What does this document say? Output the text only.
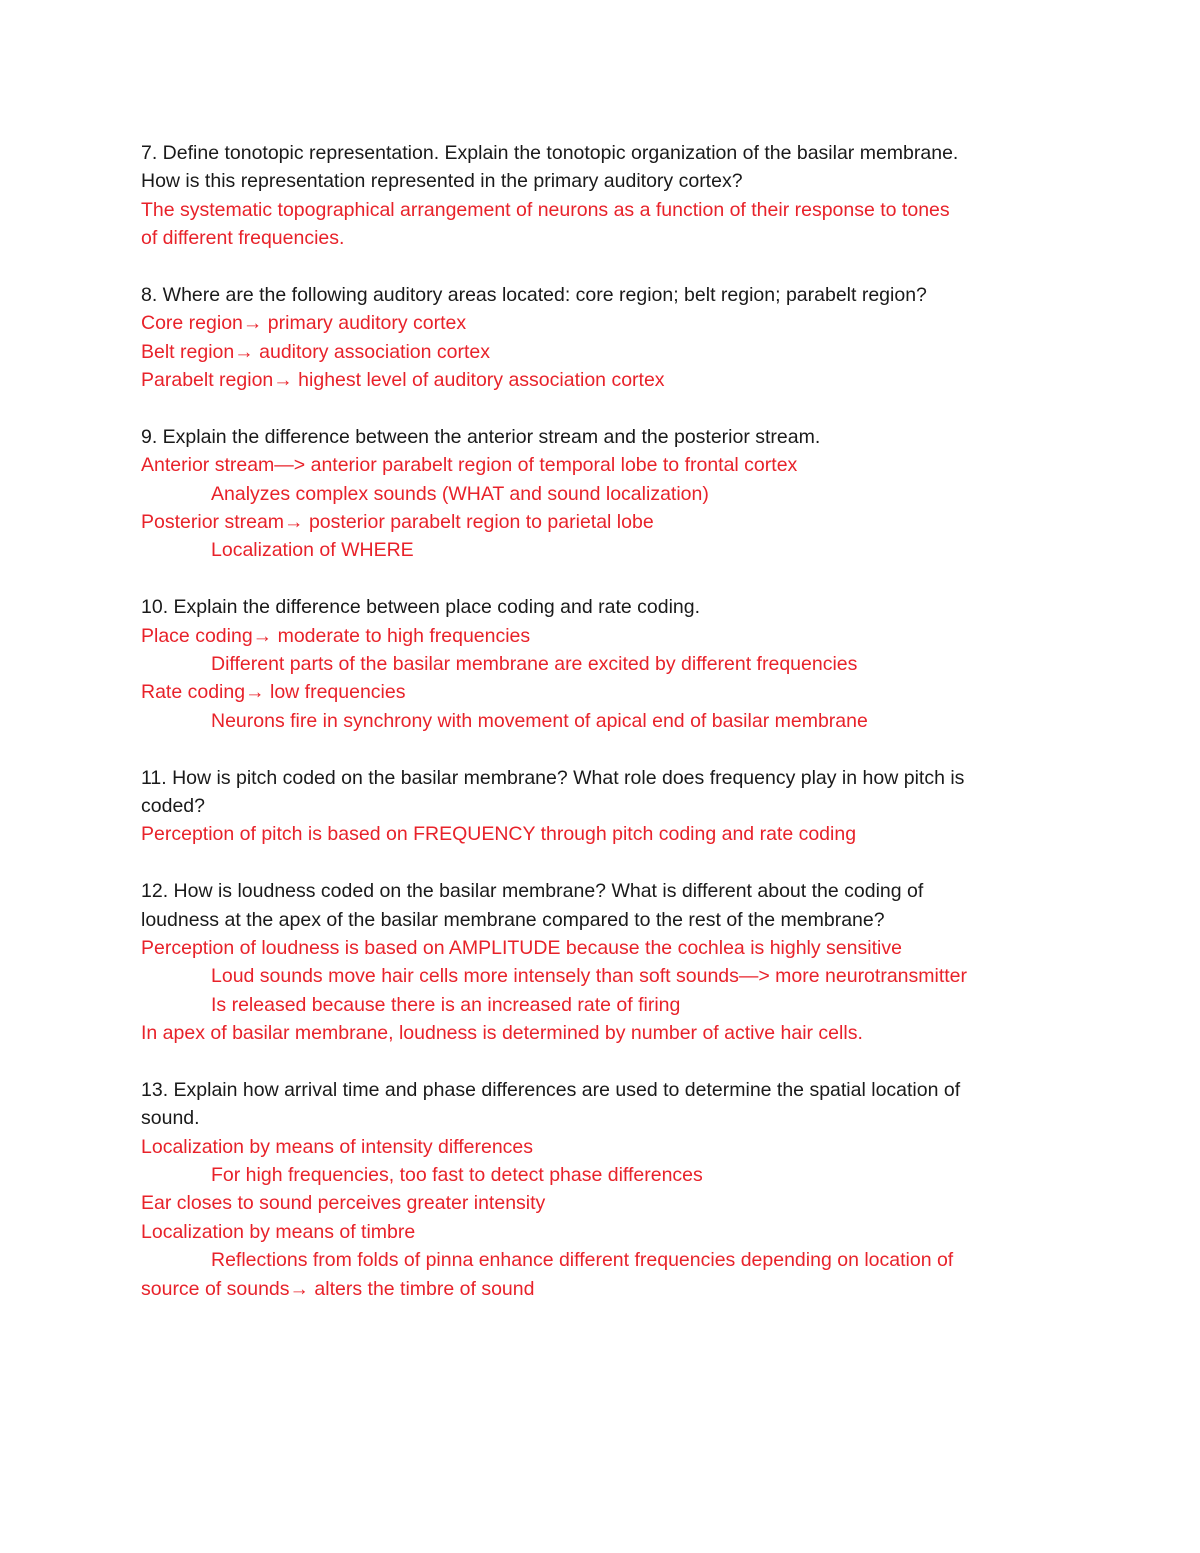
7. Define tonotopic representation. Explain the tonotopic organization of the basilar membrane.
How is this representation represented in the primary auditory cortex?
The systematic topographical arrangement of neurons as a function of their response to tones
of different frequencies.
8. Where are the following auditory areas located: core region; belt region; parabelt region?
Core region→ primary auditory cortex
Belt region→ auditory association cortex
Parabelt region→ highest level of auditory association cortex
9. Explain the difference between the anterior stream and the posterior stream.
Anterior stream—> anterior parabelt region of temporal lobe to frontal cortex
Analyzes complex sounds (WHAT and sound localization)
Posterior stream→ posterior parabelt region to parietal lobe
Localization of WHERE
10. Explain the difference between place coding and rate coding.
Place coding→ moderate to high frequencies
Different parts of the basilar membrane are excited by different frequencies
Rate coding→ low frequencies
Neurons fire in synchrony with movement of apical end of basilar membrane
11. How is pitch coded on the basilar membrane? What role does frequency play in how pitch is
coded?
Perception of pitch is based on FREQUENCY through pitch coding and rate coding
12. How is loudness coded on the basilar membrane? What is different about the coding of
loudness at the apex of the basilar membrane compared to the rest of the membrane?
Perception of loudness is based on AMPLITUDE because the cochlea is highly sensitive
Loud sounds move hair cells more intensely than soft sounds—> more neurotransmitter
Is released because there is an increased rate of firing
In apex of basilar membrane, loudness is determined by number of active hair cells.
13. Explain how arrival time and phase differences are used to determine the spatial location of
sound.
Localization by means of intensity differences
For high frequencies, too fast to detect phase differences
Ear closes to sound perceives greater intensity
Localization by means of timbre
Reflections from folds of pinna enhance different frequencies depending on location of
source of sounds→ alters the timbre of sound
